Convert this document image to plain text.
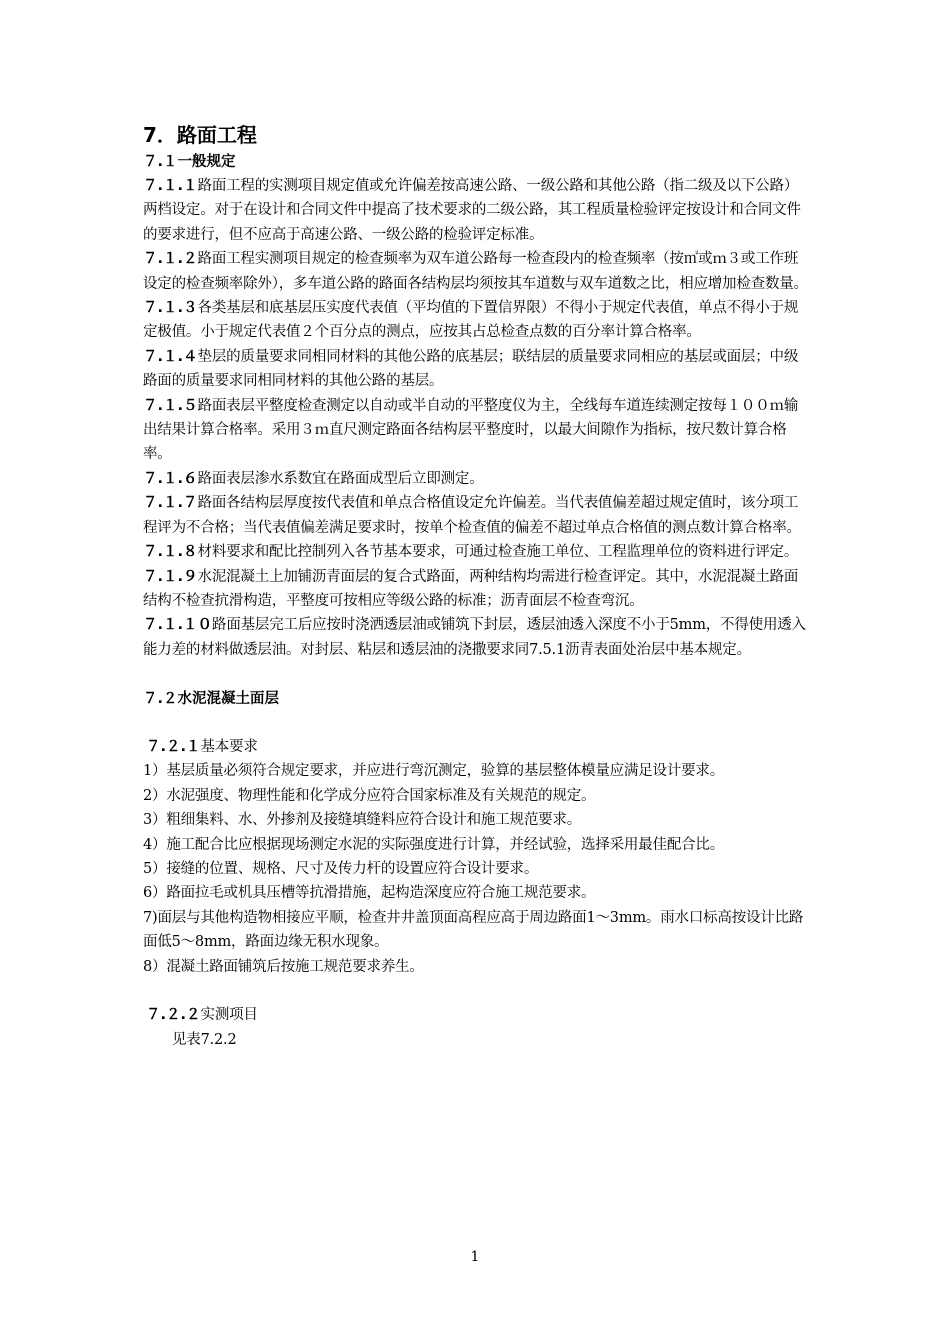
7．路面工程
７.１一般规定

７.１.１路面工程的实测项目规定值或允许偏差按高速公路、一级公路和其他公路（指二级及以下公路）两档设定。对于在设计和合同文件中提高了技术要求的二级公路，其工程质量检验评定按设计和合同文件的要求进行，但不应高于高速公路、一级公路的检验评定标准。

７.１.２路面工程实测项目规定的检查频率为双车道公路每一检查段内的检查频率（按㎡或ｍ３或工作班设定的检查频率除外），多车道公路的路面各结构层均须按其车道数与双车道数之比，相应增加检查数量。

７.１.３各类基层和底基层压实度代表值（平均值的下置信界限）不得小于规定代表值，单点不得小于规定极值。小于规定代表值２个百分点的测点，应按其占总检查点数的百分率计算合格率。

７.１.４垫层的质量要求同相同材料的其他公路的底基层；联结层的质量要求同相应的基层或面层；中级路面的质量要求同相同材料的其他公路的基层。

７.１.５路面表层平整度检查测定以自动或半自动的平整度仪为主，全线每车道连续测定按每１００ｍ输出结果计算合格率。采用３ｍ直尺测定路面各结构层平整度时，以最大间隙作为指标，按尺数计算合格率。

７.１.６路面表层渗水系数宜在路面成型后立即测定。

７.１.７路面各结构层厚度按代表值和单点合格值设定允许偏差。当代表值偏差超过规定值时，该分项工程评为不合格；当代表值偏差满足要求时，按单个检查值的偏差不超过单点合格值的测点数计算合格率。

７.１.８材料要求和配比控制列入各节基本要求，可通过检查施工单位、工程监理单位的资料进行评定。

７.１.９水泥混凝土上加铺沥青面层的复合式路面，两种结构均需进行检查评定。其中，水泥混凝土路面结构不检查抗滑构造，平整度可按相应等级公路的标准；沥青面层不检查弯沉。

７.１.１０路面基层完工后应按时浇洒透层油或铺筑下封层，透层油透入深度不小于5mm，不得使用透入能力差的材料做透层油。对封层、粘层和透层油的浇撒要求同7.5.1沥青表面处治层中基本规定。

７.２水泥混凝土面层

７.２.１基本要求

1）基层质量必须符合规定要求，并应进行弯沉测定，验算的基层整体模量应满足设计要求。

2）水泥强度、物理性能和化学成分应符合国家标准及有关规范的规定。

3）粗细集料、水、外掺剂及接缝填缝料应符合设计和施工规范要求。

4）施工配合比应根据现场测定水泥的实际强度进行计算，并经试验，选择采用最佳配合比。

5）接缝的位置、规格、尺寸及传力杆的设置应符合设计要求。

6）路面拉毛或机具压槽等抗滑措施，起构造深度应符合施工规范要求。

7)面层与其他构造物相接应平顺，检查井井盖顶面高程应高于周边路面1～3mm。雨水口标高按设计比路面低5～8mm，路面边缘无积水现象。

8）混凝土路面铺筑后按施工规范要求养生。

７.２.２实测项目

见表7.2.2

1
